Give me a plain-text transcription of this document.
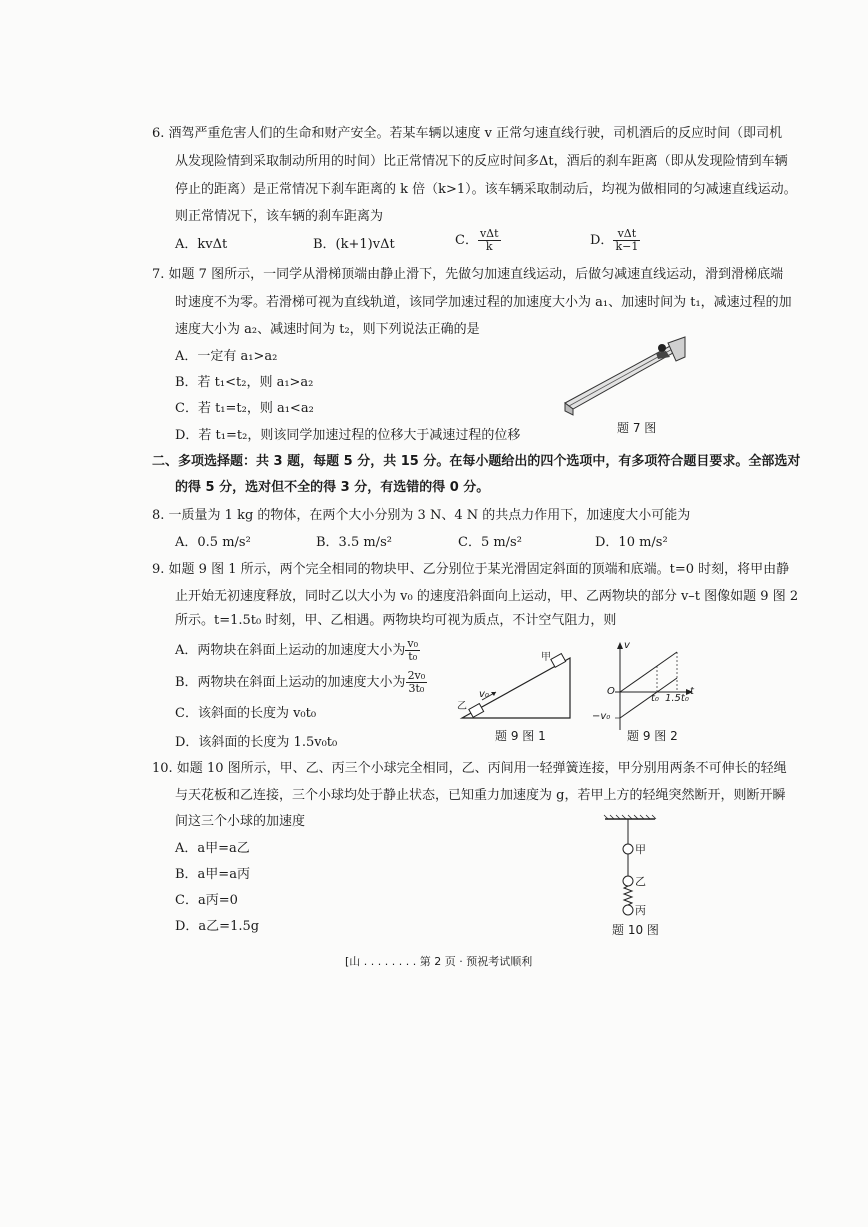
6. 酒驾严重危害人们的生命和财产安全。若某车辆以速度 v 正常匀速直线行驶，司机酒后的反应时间（即司机
从发现险情到采取制动所用的时间）比正常情况下的反应时间多Δt，酒后的刹车距离（即从发现险情到车辆
停止的距离）是正常情况下刹车距离的 k 倍（k>1）。该车辆采取制动后，均视为做相同的匀减速直线运动。
则正常情况下，该车辆的刹车距离为
A．kvΔt	B．(k+1)vΔt	C． $\frac{\text{vΔt}}{k}$	D． $\frac{\text{vΔt}}{k-1}$
7. 如题 7 图所示，一同学从滑梯顶端由静止滑下，先做匀加速直线运动，后做匀减速直线运动，滑到滑梯底端
时速度不为零。若滑梯可视为直线轨道，该同学加速过程的加速度大小为 a₁、加速时间为 t₁，减速过程的加
速度大小为 a₂、减速时间为 t₂，则下列说法正确的是
A．一定有 a₁>a₂
B．若 t₁<t₂，则 a₁>a₂
C．若 t₁=t₂，则 a₁<a₂
D．若 t₁=t₂，则该同学加速过程的位移大于减速过程的位移	题 7 图
二、多项选择题：共 3 题，每题 5 分，共 15 分。在每小题给出的四个选项中，有多项符合题目要求。全部选对
的得 5 分，选对但不全的得 3 分，有选错的得 0 分。
8. 一质量为 1 kg 的物体，在两个大小分别为 3 N、4 N 的共点力作用下，加速度大小可能为
A．0.5 m/s²	B．3.5 m/s²	C．5 m/s²	D．10 m/s²
9. 如题 9 图 1 所示，两个完全相同的物块甲、乙分别位于某光滑固定斜面的顶端和底端。t=0 时刻，将甲由静
止开始无初速度释放，同时乙以大小为 v₀ 的速度沿斜面向上运动，甲、乙两物块的部分 v–t 图像如题 9 图 2
所示。t=1.5t₀ 时刻，甲、乙相遇。两物块均可视为质点，不计空气阻力，则
A．两物块在斜面上运动的加速度大小为 $\frac{\text{v₀}}{\text{t₀}}$
B．两物块在斜面上运动的加速度大小为 $\frac{\text{2v₀}}{\text{3t₀}}$
C．该斜面的长度为 v₀t₀
D．该斜面的长度为 1.5v₀t₀
甲
乙
v₀
题 9 图 1
v
t
O
t₀ 1.5t₀
−v₀
题 9 图 2
10. 如题 10 图所示，甲、乙、丙三个小球完全相同，乙、丙间用一轻弹簧连接，甲分别用两条不可伸长的轻绳
与天花板和乙连接，三个小球均处于静止状态，已知重力加速度为 g，若甲上方的轻绳突然断开，则断开瞬
间这三个小球的加速度
A．a甲=a乙
B．a甲=a丙
C．a丙=0
D．a乙=1.5g
甲
乙
丙
题 10 图
[山 . . . . . . . . 第 2 页 · 预祝考试顺利
